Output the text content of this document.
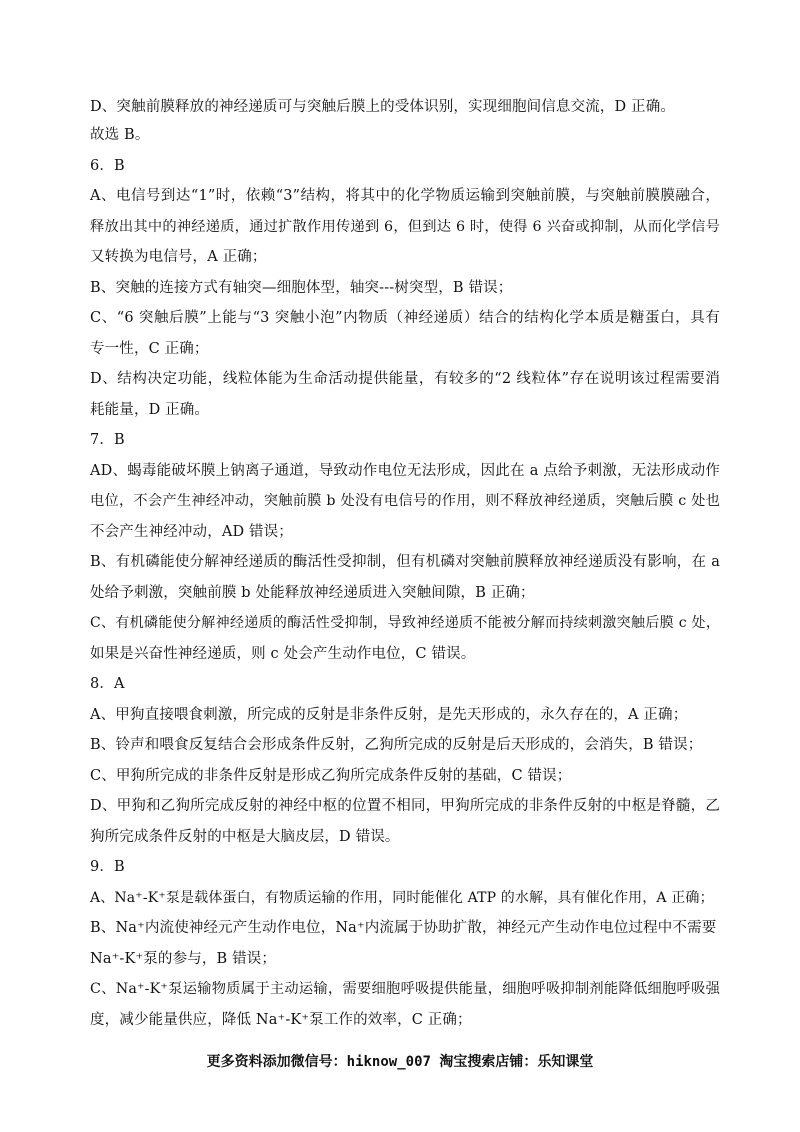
D、突触前膜释放的神经递质可与突触后膜上的受体识别，实现细胞间信息交流，D 正确。
故选 B。
6．B
A、电信号到达“1”时，依赖“3”结构，将其中的化学物质运输到突触前膜，与突触前膜膜融合，
释放出其中的神经递质，通过扩散作用传递到 6，但到达 6 时，使得 6 兴奋或抑制，从而化学信号
又转换为电信号，A 正确；
B、突触的连接方式有轴突—细胞体型，轴突---树突型，B 错误；
C、“6 突触后膜”上能与“3 突触小泡”内物质（神经递质）结合的结构化学本质是糖蛋白，具有
专一性，C 正确；
D、结构决定功能，线粒体能为生命活动提供能量，有较多的“2 线粒体”存在说明该过程需要消
耗能量，D 正确。
7．B
AD、蝎毒能破坏膜上钠离子通道，导致动作电位无法形成，因此在 a 点给予刺激，无法形成动作
电位，不会产生神经冲动，突触前膜 b 处没有电信号的作用，则不释放神经递质，突触后膜 c 处也
不会产生神经冲动，AD 错误；
B、有机磷能使分解神经递质的酶活性受抑制，但有机磷对突触前膜释放神经递质没有影响，在 a
处给予刺激，突触前膜 b 处能释放神经递质进入突触间隙，B 正确；
C、有机磷能使分解神经递质的酶活性受抑制，导致神经递质不能被分解而持续刺激突触后膜 c 处，
如果是兴奋性神经递质，则 c 处会产生动作电位，C 错误。
8．A
A、甲狗直接喂食刺激，所完成的反射是非条件反射，是先天形成的，永久存在的，A 正确；
B、铃声和喂食反复结合会形成条件反射，乙狗所完成的反射是后天形成的，会消失，B 错误；
C、甲狗所完成的非条件反射是形成乙狗所完成条件反射的基础，C 错误；
D、甲狗和乙狗所完成反射的神经中枢的位置不相同，甲狗所完成的非条件反射的中枢是脊髓，乙
狗所完成条件反射的中枢是大脑皮层，D 错误。
9．B
A、Na⁺-K⁺泵是载体蛋白，有物质运输的作用，同时能催化 ATP 的水解，具有催化作用，A 正确；
B、Na⁺内流使神经元产生动作电位，Na⁺内流属于协助扩散，神经元产生动作电位过程中不需要
Na⁺-K⁺泵的参与，B 错误；
C、Na⁺-K⁺泵运输物质属于主动运输，需要细胞呼吸提供能量，细胞呼吸抑制剂能降低细胞呼吸强
度，减少能量供应，降低 Na⁺-K⁺泵工作的效率，C 正确；
更多资料添加微信号：hiknow_007 淘宝搜索店铺：乐知课堂
